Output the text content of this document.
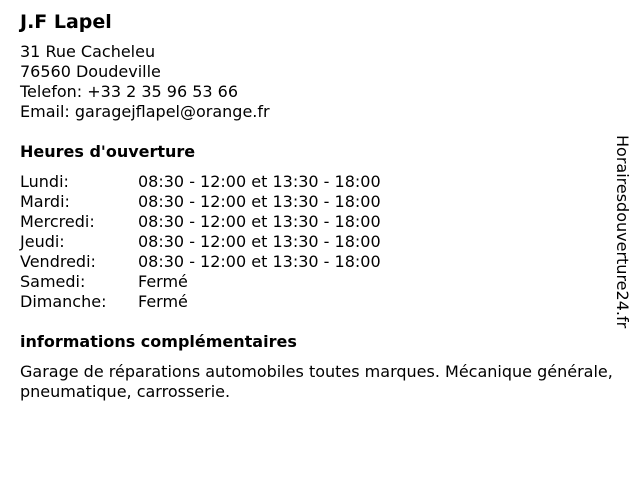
J.F Lapel
31 Rue Cacheleu
76560 Doudeville
Telefon: +33 2 35 96 53 66
Email: garagejflapel@orange.fr
Heures d'ouverture
Lundi:	08:30 - 12:00 et 13:30 - 18:00
Mardi:	08:30 - 12:00 et 13:30 - 18:00
Mercredi:	08:30 - 12:00 et 13:30 - 18:00
Jeudi:	08:30 - 12:00 et 13:30 - 18:00
Vendredi:	08:30 - 12:00 et 13:30 - 18:00
Samedi:	Fermé
Dimanche:	Fermé
informations complémentaires
Garage de réparations automobiles toutes marques. Mécanique générale, pneumatique, carrosserie.
Horairesdouverture24.fr
